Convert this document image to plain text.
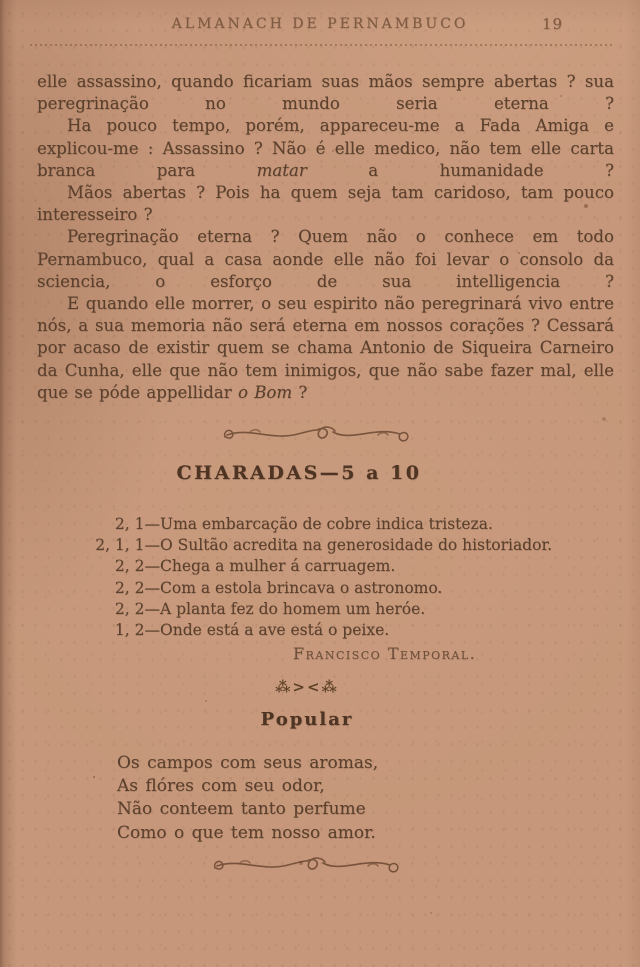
ALMANACH DE PERNAMBUCO	19

elle assassino, quando ficariam suas mãos sempre abertas ? sua peregrinação no mundo seria eterna ?

Ha pouco tempo, porém, appareceu-me a Fada Amiga e explicou-me : Assassino ? Não é elle medico, não tem elle carta branca para matar a humanidade ?

Mãos abertas ? Pois ha quem seja tam caridoso, tam pouco interesseiro ?

Peregrinação eterna ? Quem não o conhece em todo Pernambuco, qual a casa aonde elle não foi levar o consolo da sciencia, o esforço de sua intelligencia ?

E quando elle morrer, o seu espirito não peregrinará vivo entre nós, a sua memoria não será eterna em nossos corações ? Cessará por acaso de existir quem se chama Antonio de Siqueira Carneiro da Cunha, elle que não tem inimigos, que não sabe fazer mal, elle que se póde appellidar o Bom ?

CHARADAS—5 a 10
2, 1— Uma embarcação de cobre indica tristeza.
2, 1, 1— O Sultão acredita na generosidade do historiador.
2, 2— Chega a mulher á carruagem.
2, 2— Com a estola brincava o astronomo.
2, 2— A planta fez do homem um heróe.
1, 2— Onde está a ave está o peixe.
Francisco Temporal.
⁂><⁂
Popular
Os campos com seus aromas,
As flóres com seu odor,
Não conteem tanto perfume
Como o que tem nosso amor.
